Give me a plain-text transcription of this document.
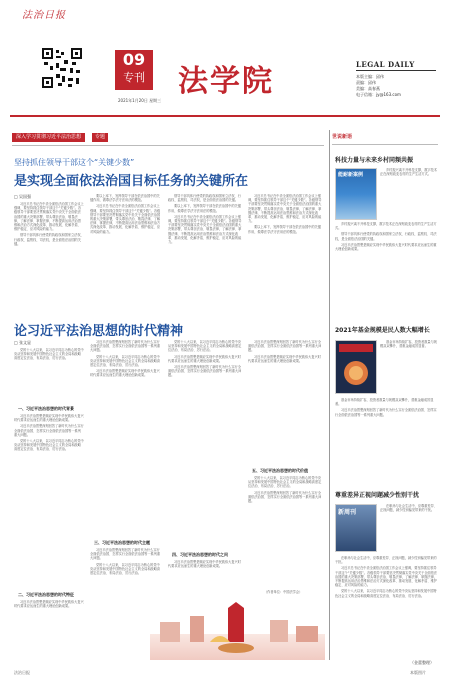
法治日报
09
专刊 法学院
2021年1月20日 星期三
LEGAL DAILY
本版主编：邱伟
责编：邱伟
美编：高春燕
电子信箱：jy@163.com
深入学习贯彻习近平法治思想	专题
坚持抓住领导干部这个“关键少数”
是实现全面依法治国目标任务的关键所在
□ 吴国强

习近平总书记在中央全面依法治国工作会议上强调，要坚持抓住领导干部这个“关键少数”。各级领导干部要坚决贯彻落实党中央关于全面依法治国的重大决策部署，带头尊崇法治、敬畏法律，了解法律、掌握法律，不断提高运用法治思维和法治方式深化改革、推动发展、化解矛盾、维护稳定、应对风险的能力。

领导干部具体行使党的执政权和国家立法权、行政权、监察权、司法权，是全面依法治国的关键。

要以上率下，发挥领导干部在依法治国中的关键作用，做尊法学法守法用法的模范。

习近平总书记在中央全面依法治国工作会议上强调，要坚持抓住领导干部这个“关键少数”。各级领导干部要坚决贯彻落实党中央关于全面依法治国的重大决策部署，带头尊崇法治、敬畏法律，了解法律、掌握法律，不断提高运用法治思维和法治方式深化改革、推动发展、化解矛盾、维护稳定、应对风险的能力。

领导干部具体行使党的执政权和国家立法权、行政权、监察权、司法权，是全面依法治国的关键。

要以上率下，发挥领导干部在依法治国中的关键作用，做尊法学法守法用法的模范。

习近平总书记在中央全面依法治国工作会议上强调，要坚持抓住领导干部这个“关键少数”。各级领导干部要坚决贯彻落实党中央关于全面依法治国的重大决策部署，带头尊崇法治、敬畏法律，了解法律、掌握法律，不断提高运用法治思维和法治方式深化改革、推动发展、化解矛盾、维护稳定、应对风险的能力。

习近平总书记在中央全面依法治国工作会议上强调，要坚持抓住领导干部这个“关键少数”。各级领导干部要坚决贯彻落实党中央关于全面依法治国的重大决策部署，带头尊崇法治、敬畏法律，了解法律、掌握法律，不断提高运用法治思维和法治方式深化改革、推动发展、化解矛盾、维护稳定、应对风险的能力。

要以上率下，发挥领导干部在依法治国中的关键作用，做尊法学法守法用法的模范。

论习近平法治思想的时代精神
□ 张文显

党的十八大以来，以习近平同志为核心的党中央从坚持和发展中国特色社会主义的全局和战略高度定位法治、布局法治、厉行法治。

一、习近平法治思想的时代背景

习近平法治思想是顺应实现中华民族伟大复兴时代要求应运而生的重大理论创新成果。

习近平法治思想深刻回答了新时代为什么实行全面依法治国、怎样实行全面依法治国等一系列重大问题。

党的十八大以来，以习近平同志为核心的党中央从坚持和发展中国特色社会主义的全局和战略高度定位法治、布局法治、厉行法治。

二、习近平法治思想的时代特征

习近平法治思想是顺应实现中华民族伟大复兴时代要求应运而生的重大理论创新成果。

习近平法治思想深刻回答了新时代为什么实行全面依法治国、怎样实行全面依法治国等一系列重大问题。

党的十八大以来，以习近平同志为核心的党中央从坚持和发展中国特色社会主义的全局和战略高度定位法治、布局法治、厉行法治。

习近平法治思想是顺应实现中华民族伟大复兴时代要求应运而生的重大理论创新成果。

三、习近平法治思想的时代主题

习近平法治思想深刻回答了新时代为什么实行全面依法治国、怎样实行全面依法治国等一系列重大问题。

党的十八大以来，以习近平同志为核心的党中央从坚持和发展中国特色社会主义的全局和战略高度定位法治、布局法治、厉行法治。

党的十八大以来，以习近平同志为核心的党中央从坚持和发展中国特色社会主义的全局和战略高度定位法治、布局法治、厉行法治。

习近平法治思想是顺应实现中华民族伟大复兴时代要求应运而生的重大理论创新成果。

习近平法治思想深刻回答了新时代为什么实行全面依法治国、怎样实行全面依法治国等一系列重大问题。

四、习近平法治思想的时代之问

习近平法治思想是顺应实现中华民族伟大复兴时代要求应运而生的重大理论创新成果。

习近平法治思想深刻回答了新时代为什么实行全面依法治国、怎样实行全面依法治国等一系列重大问题。

习近平法治思想是顺应实现中华民族伟大复兴时代要求应运而生的重大理论创新成果。

五、习近平法治思想的时代价值

党的十八大以来，以习近平同志为核心的党中央从坚持和发展中国特色社会主义的全局和战略高度定位法治、布局法治、厉行法治。

习近平法治思想深刻回答了新时代为什么实行全面依法治国、怎样实行全面依法治国等一系列重大问题。

（作者单位：中国法学会）

世说新语
科技力量与未来乡村同频共振
能耐新案例

乡村振兴离不开科技支撑，数字技术正在深刻改变农村的生产生活方式。

乡村振兴离不开科技支撑，数字技术正在深刻改变农村的生产生活方式。

领导干部具体行使党的执政权和国家立法权、行政权、监察权、司法权，是全面依法治国的关键。

习近平法治思想是顺应实现中华民族伟大复兴时代要求应运而生的重大理论创新成果。

2021年基金规模是民人数大幅增长

基金市场持续扩容，投资者数量与规模双双攀升，普惠金融成效显著。

基金市场持续扩容，投资者数量与规模双双攀升，普惠金融成效显著。

习近平法治思想深刻回答了新时代为什么实行全面依法治国、怎样实行全面依法治国等一系列重大问题。

尊重差异正视问题减少性别干扰
新周刊

在职场与社会生活中，应尊重差异、正视问题，减少性别偏见带来的干扰。

在职场与社会生活中，应尊重差异、正视问题，减少性别偏见带来的干扰。

习近平总书记在中央全面依法治国工作会议上强调，要坚持抓住领导干部这个“关键少数”。各级领导干部要坚决贯彻落实党中央关于全面依法治国的重大决策部署，带头尊崇法治、敬畏法律，了解法律、掌握法律，不断提高运用法治思维和法治方式深化改革、推动发展、化解矛盾、维护稳定、应对风险的能力。

党的十八大以来，以习近平同志为核心的党中央从坚持和发展中国特色社会主义的全局和战略高度定位法治、布局法治、厉行法治。

（金蕾整理）
法治日报	本版图片
